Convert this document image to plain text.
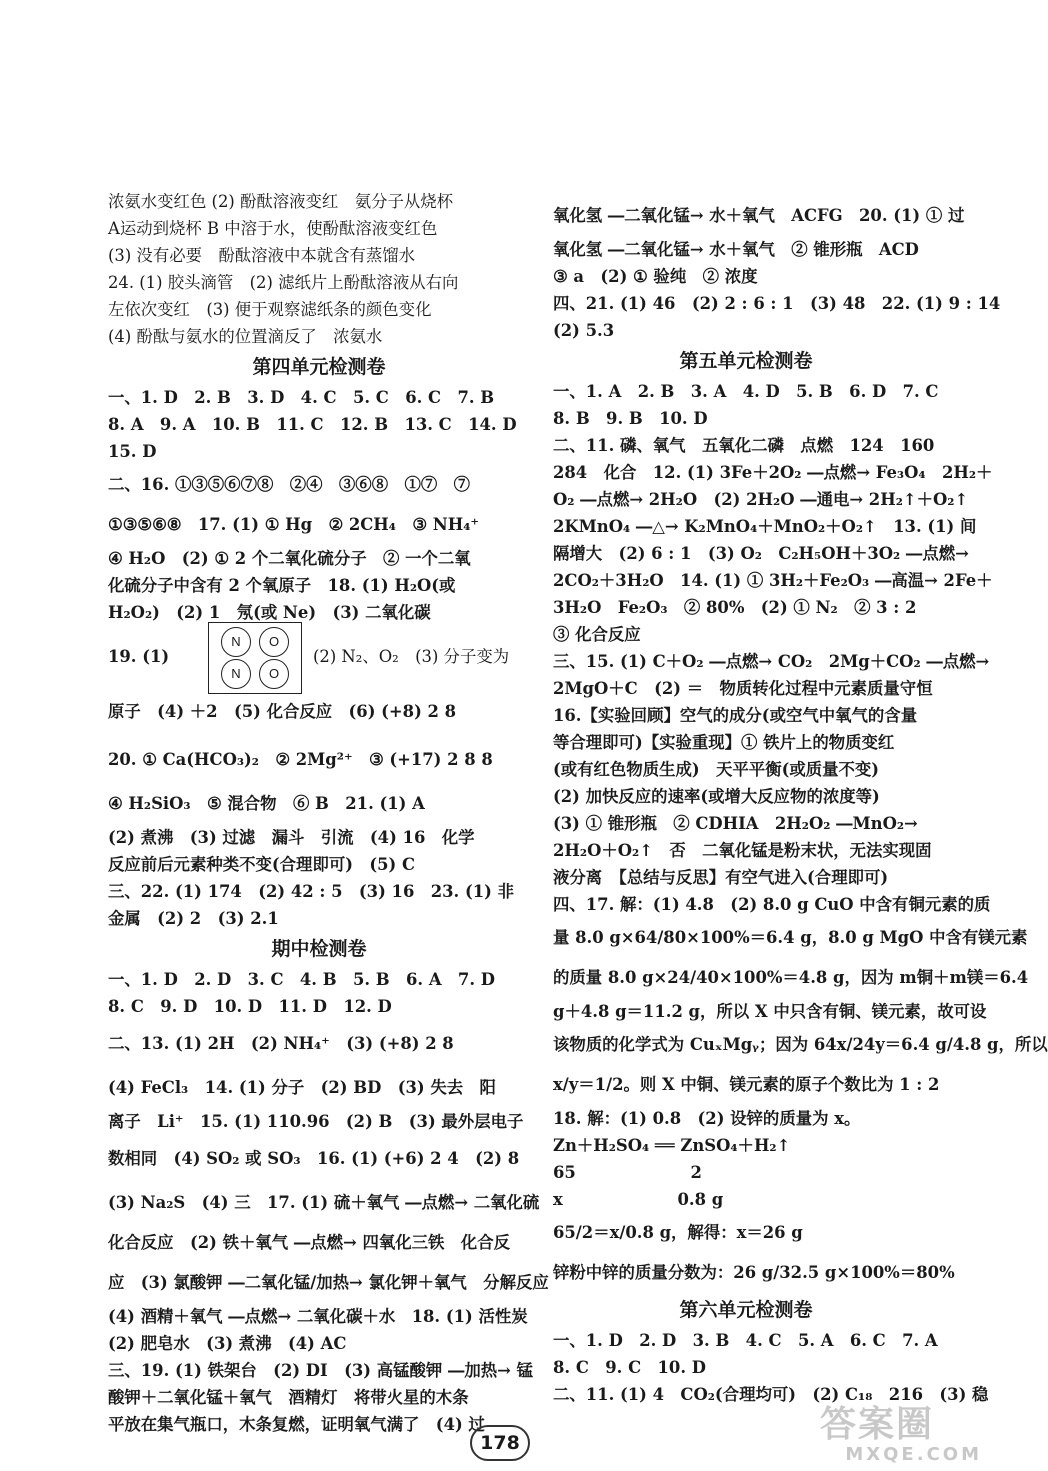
浓氨水变红色 (2) 酚酞溶液变红　氨分子从烧杯
A运动到烧杯 B 中溶于水，使酚酞溶液变红色
(3) 没有必要　酚酞溶液中本就含有蒸馏水
24. (1) 胶头滴管　(2) 滤纸片上酚酞溶液从右向
左依次变红　(3) 便于观察滤纸条的颜色变化
(4) 酚酞与氨水的位置滴反了　浓氨水
第四单元检测卷
一、1. D　2. B　3. D　4. C　5. C　6. C　7. B
8. A　9. A　10. B　11. C　12. B　13. C　14. D
15. D
二、16. ①③⑤⑥⑦⑧　②④　③⑥⑧　①⑦　⑦
①③⑤⑥⑧　17. (1) ① Hg　② 2CH₄　③ NH₄⁺
④ H₂O　(2) ① 2 个二氧化硫分子　② 一个二氧
化硫分子中含有 2 个氧原子　18. (1) H₂O(或
H₂O₂)　(2) 1　氖(或 Ne)　(3) 二氧化碳
19. (1)
N	O
N	O
(2) N₂、O₂　(3) 分子变为
原子　(4) ＋2　(5) 化合反应　(6) (+8) 2 8
20. ① Ca(HCO₃)₂　② 2Mg²⁺　③ (+17) 2 8 8
④ H₂SiO₃　⑤ 混合物　⑥ B　21. (1) A
(2) 煮沸　(3) 过滤　漏斗　引流　(4) 16　化学
反应前后元素种类不变(合理即可)　(5) C
三、22. (1) 174　(2) 42 : 5　(3) 16　23. (1) 非
金属　(2) 2　(3) 2.1
期中检测卷
一、1. D　2. D　3. C　4. B　5. B　6. A　7. D
8. C　9. D　10. D　11. D　12. D
二、13. (1) 2H　(2) NH₄⁺　(3) (+8) 2 8
(4) FeCl₃　14. (1) 分子　(2) BD　(3) 失去　阳
离子　Li⁺　15. (1) 110.96　(2) B　(3) 最外层电子
数相同　(4) SO₂ 或 SO₃　16. (1) (+6) 2 4　(2) 8
(3) Na₂S　(4) 三　17. (1) 硫＋氧气 ―点燃→ 二氧化硫
化合反应　(2) 铁＋氧气 ―点燃→ 四氧化三铁　化合反
应　(3) 氯酸钾 ―二氧化锰/加热→ 氯化钾＋氧气　分解反应
(4) 酒精＋氧气 ―点燃→ 二氧化碳＋水　18. (1) 活性炭
(2) 肥皂水　(3) 煮沸　(4) AC
三、19. (1) 铁架台　(2) DI　(3) 高锰酸钾 ―加热→ 锰
酸钾＋二氧化锰＋氧气　酒精灯　将带火星的木条
平放在集气瓶口，木条复燃，证明氧气满了　(4) 过
氧化氢 ―二氧化锰→ 水＋氧气　ACFG　20. (1) ① 过
氧化氢 ―二氧化锰→ 水＋氧气　② 锥形瓶　ACD
③ a　(2) ① 验纯　② 浓度
四、21. (1) 46　(2) 2 : 6 : 1　(3) 48　22. (1) 9 : 14
(2) 5.3
第五单元检测卷
一、1. A　2. B　3. A　4. D　5. B　6. D　7. C
8. B　9. B　10. D
二、11. 磷、氧气　五氧化二磷　点燃　124　160
284　化合　12. (1) 3Fe＋2O₂ ―点燃→ Fe₃O₄　2H₂＋
O₂ ―点燃→ 2H₂O　(2) 2H₂O ―通电→ 2H₂↑＋O₂↑
2KMnO₄ ―△→ K₂MnO₄＋MnO₂＋O₂↑　13. (1) 间
隔增大　(2) 6 : 1　(3) O₂　C₂H₅OH＋3O₂ ―点燃→
2CO₂＋3H₂O　14. (1) ① 3H₂＋Fe₂O₃ ―高温→ 2Fe＋
3H₂O　Fe₂O₃　② 80%　(2) ① N₂　② 3 : 2
③ 化合反应
三、15. (1) C＋O₂ ―点燃→ CO₂　2Mg＋CO₂ ―点燃→
2MgO＋C　(2) ＝　物质转化过程中元素质量守恒
16.【实验回顾】空气的成分(或空气中氧气的含量
等合理即可)【实验重现】① 铁片上的物质变红
(或有红色物质生成)　天平平衡(或质量不变)
(2) 加快反应的速率(或增大反应物的浓度等)
(3) ① 锥形瓶　② CDHIA　2H₂O₂ ―MnO₂→
2H₂O＋O₂↑　否　二氧化锰是粉末状，无法实现固
液分离　【总结与反思】有空气进入(合理即可)
四、17. 解：(1) 4.8　(2) 8.0 g CuO 中含有铜元素的质
量 8.0 g×64/80×100%＝6.4 g，8.0 g MgO 中含有镁元素
的质量 8.0 g×24/40×100%＝4.8 g，因为 m铜＋m镁＝6.4
g＋4.8 g＝11.2 g，所以 X 中只含有铜、镁元素，故可设
该物质的化学式为 CuₓMgᵧ；因为 64x/24y＝6.4 g/4.8 g，所以
x/y＝1/2。则 X 中铜、镁元素的原子个数比为 1 : 2
18. 解：(1) 0.8　(2) 设锌的质量为 x。
Zn＋H₂SO₄ ══ ZnSO₄＋H₂↑
65　　　　　　　2
x　　　　　　　0.8 g
65/2＝x/0.8 g，解得：x＝26 g
锌粉中锌的质量分数为：26 g/32.5 g×100%＝80%
第六单元检测卷
一、1. D　2. D　3. B　4. C　5. A　6. C　7. A
8. C　9. C　10. D
二、11. (1) 4　CO₂(合理均可)　(2) C₁₈　216　(3) 稳
178	答案圈
MXQE.COM
